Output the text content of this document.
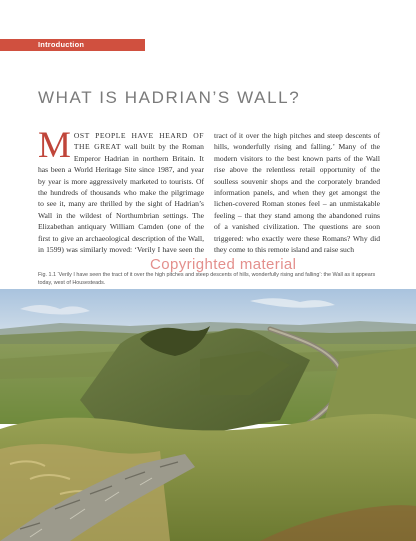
Introduction
WHAT IS HADRIAN’S WALL?
MOST PEOPLE HAVE HEARD OF THE GREAT wall built by the Roman Emperor Hadrian in northern Britain. It has been a World Heritage Site since 1987, and year by year is more aggressively marketed to tourists. Of the hundreds of thousands who make the pilgrimage to see it, many are thrilled by the sight of Hadrian’s Wall in the wildest of Northumbrian settings. The Elizabethan antiquary William Camden (one of the first to give an archaeological description of the Wall, in 1599) was similarly moved: ‘Verily I have seen the tract of it over the high pitches and steep descents of hills, wonderfully rising and falling.’ Many of the modern visitors to the best known parts of the Wall rise above the relentless retail opportunity of the soulless souvenir shops and the corporately branded information panels, and when they get amongst the lichen-covered Roman stones feel – an unmistakable feeling – that they stand among the abandoned ruins of a vanished civilization. The questions are soon triggered: who exactly were these Romans? Why did they come to this remote island and raise such
Fig. 1.1 ‘Verily I have seen the tract of it over the high pitches and steep descents of hills, wonderfully rising and falling’: the Wall as it appears today, west of Housesteads.
Copyrighted material
